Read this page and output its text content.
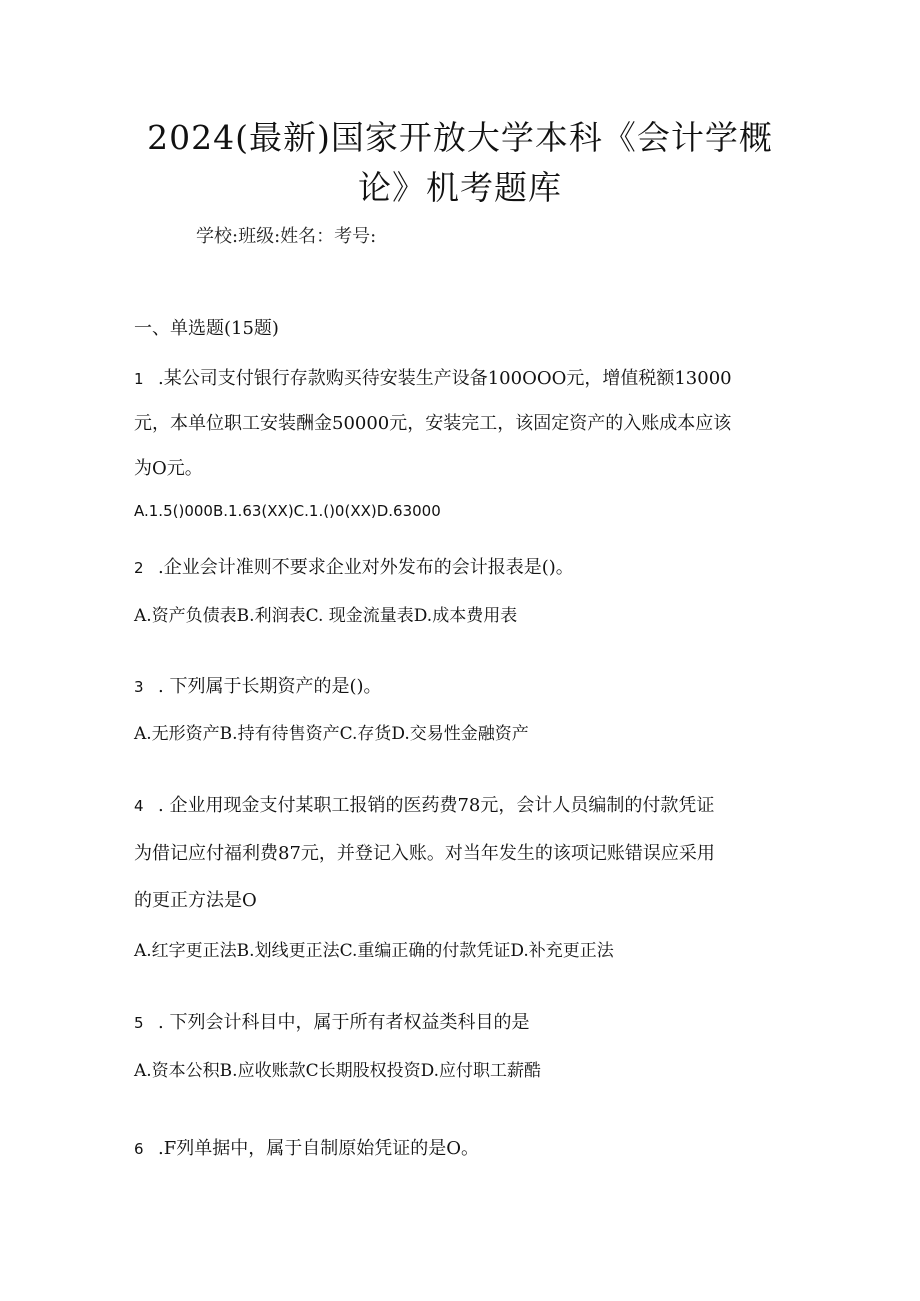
2024(最新)国家开放大学本科《会计学概
论》机考题库
学校:班级:姓名：考号:
一、单选题(15题)
1 .某公司支付银行存款购买待安装生产设备100OOO元，增值税额13000
元，本单位职工安装酬金50000元，安装完工，该固定资产的入账成本应该
为O元。
A.1.5()000B.1.63(XX)C.1.()0(XX)D.63000
2 .企业会计准则不要求企业对外发布的会计报表是()。
A.资产负债表B.利润表C. 现金流量表D.成本费用表
3 . 下列属于长期资产的是()。
A.无形资产B.持有待售资产C.存货D.交易性金融资产
4 . 企业用现金支付某职工报销的医药费78元，会计人员编制的付款凭证
为借记应付福利费87元，并登记入账。对当年发生的该项记账错误应采用
的更正方法是O
A.红字更正法B.划线更正法C.重编正确的付款凭证D.补充更正法
5 . 下列会计科目中，属于所有者权益类科目的是
A.资本公积B.应收账款C长期股权投资D.应付职工薪酷
6 .F列单据中，属于自制原始凭证的是O。
